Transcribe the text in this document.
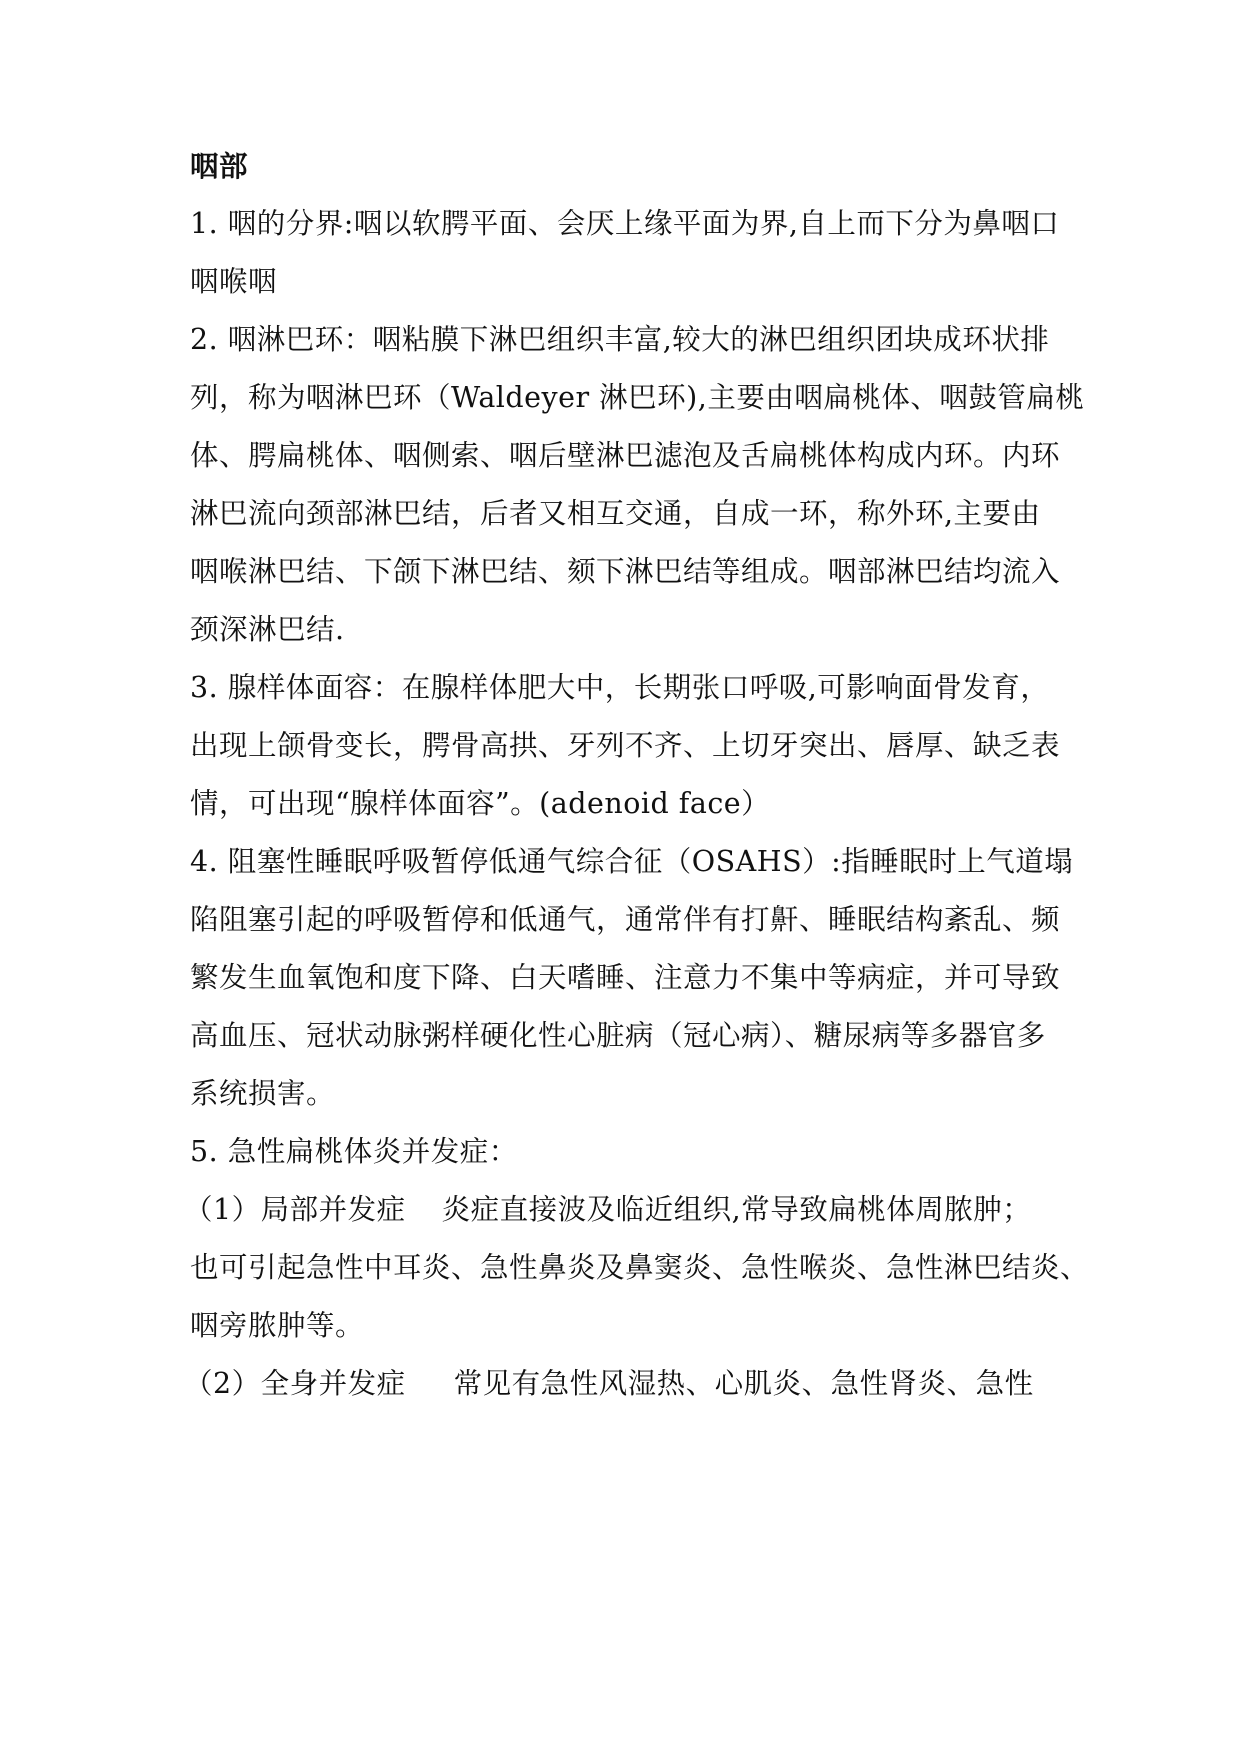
咽部
1. 咽的分界:咽以软腭平面、会厌上缘平面为界,自上而下分为鼻咽口
咽喉咽
2. 咽淋巴环：咽粘膜下淋巴组织丰富,较大的淋巴组织团块成环状排
列，称为咽淋巴环（Waldeyer 淋巴环),主要由咽扁桃体、咽鼓管扁桃
体、腭扁桃体、咽侧索、咽后壁淋巴滤泡及舌扁桃体构成内环。内环
淋巴流向颈部淋巴结，后者又相互交通，自成一环，称外环,主要由
咽喉淋巴结、下颌下淋巴结、颏下淋巴结等组成。咽部淋巴结均流入
颈深淋巴结.
3. 腺样体面容：在腺样体肥大中，长期张口呼吸,可影响面骨发育，
出现上颌骨变长，腭骨高拱、牙列不齐、上切牙突出、唇厚、缺乏表
情，可出现“腺样体面容”。(adenoid face）
4. 阻塞性睡眠呼吸暂停低通气综合征（OSAHS）:指睡眠时上气道塌
陷阻塞引起的呼吸暂停和低通气，通常伴有打鼾、睡眠结构紊乱、频
繁发生血氧饱和度下降、白天嗜睡、注意力不集中等病症，并可导致
高血压、冠状动脉粥样硬化性心脏病（冠心病）、糖尿病等多器官多
系统损害。
5. 急性扁桃体炎并发症：
（1）局部并发症 炎症直接波及临近组织,常导致扁桃体周脓肿；
也可引起急性中耳炎、急性鼻炎及鼻窦炎、急性喉炎、急性淋巴结炎、
咽旁脓肿等。
（2）全身并发症 常见有急性风湿热、心肌炎、急性肾炎、急性
